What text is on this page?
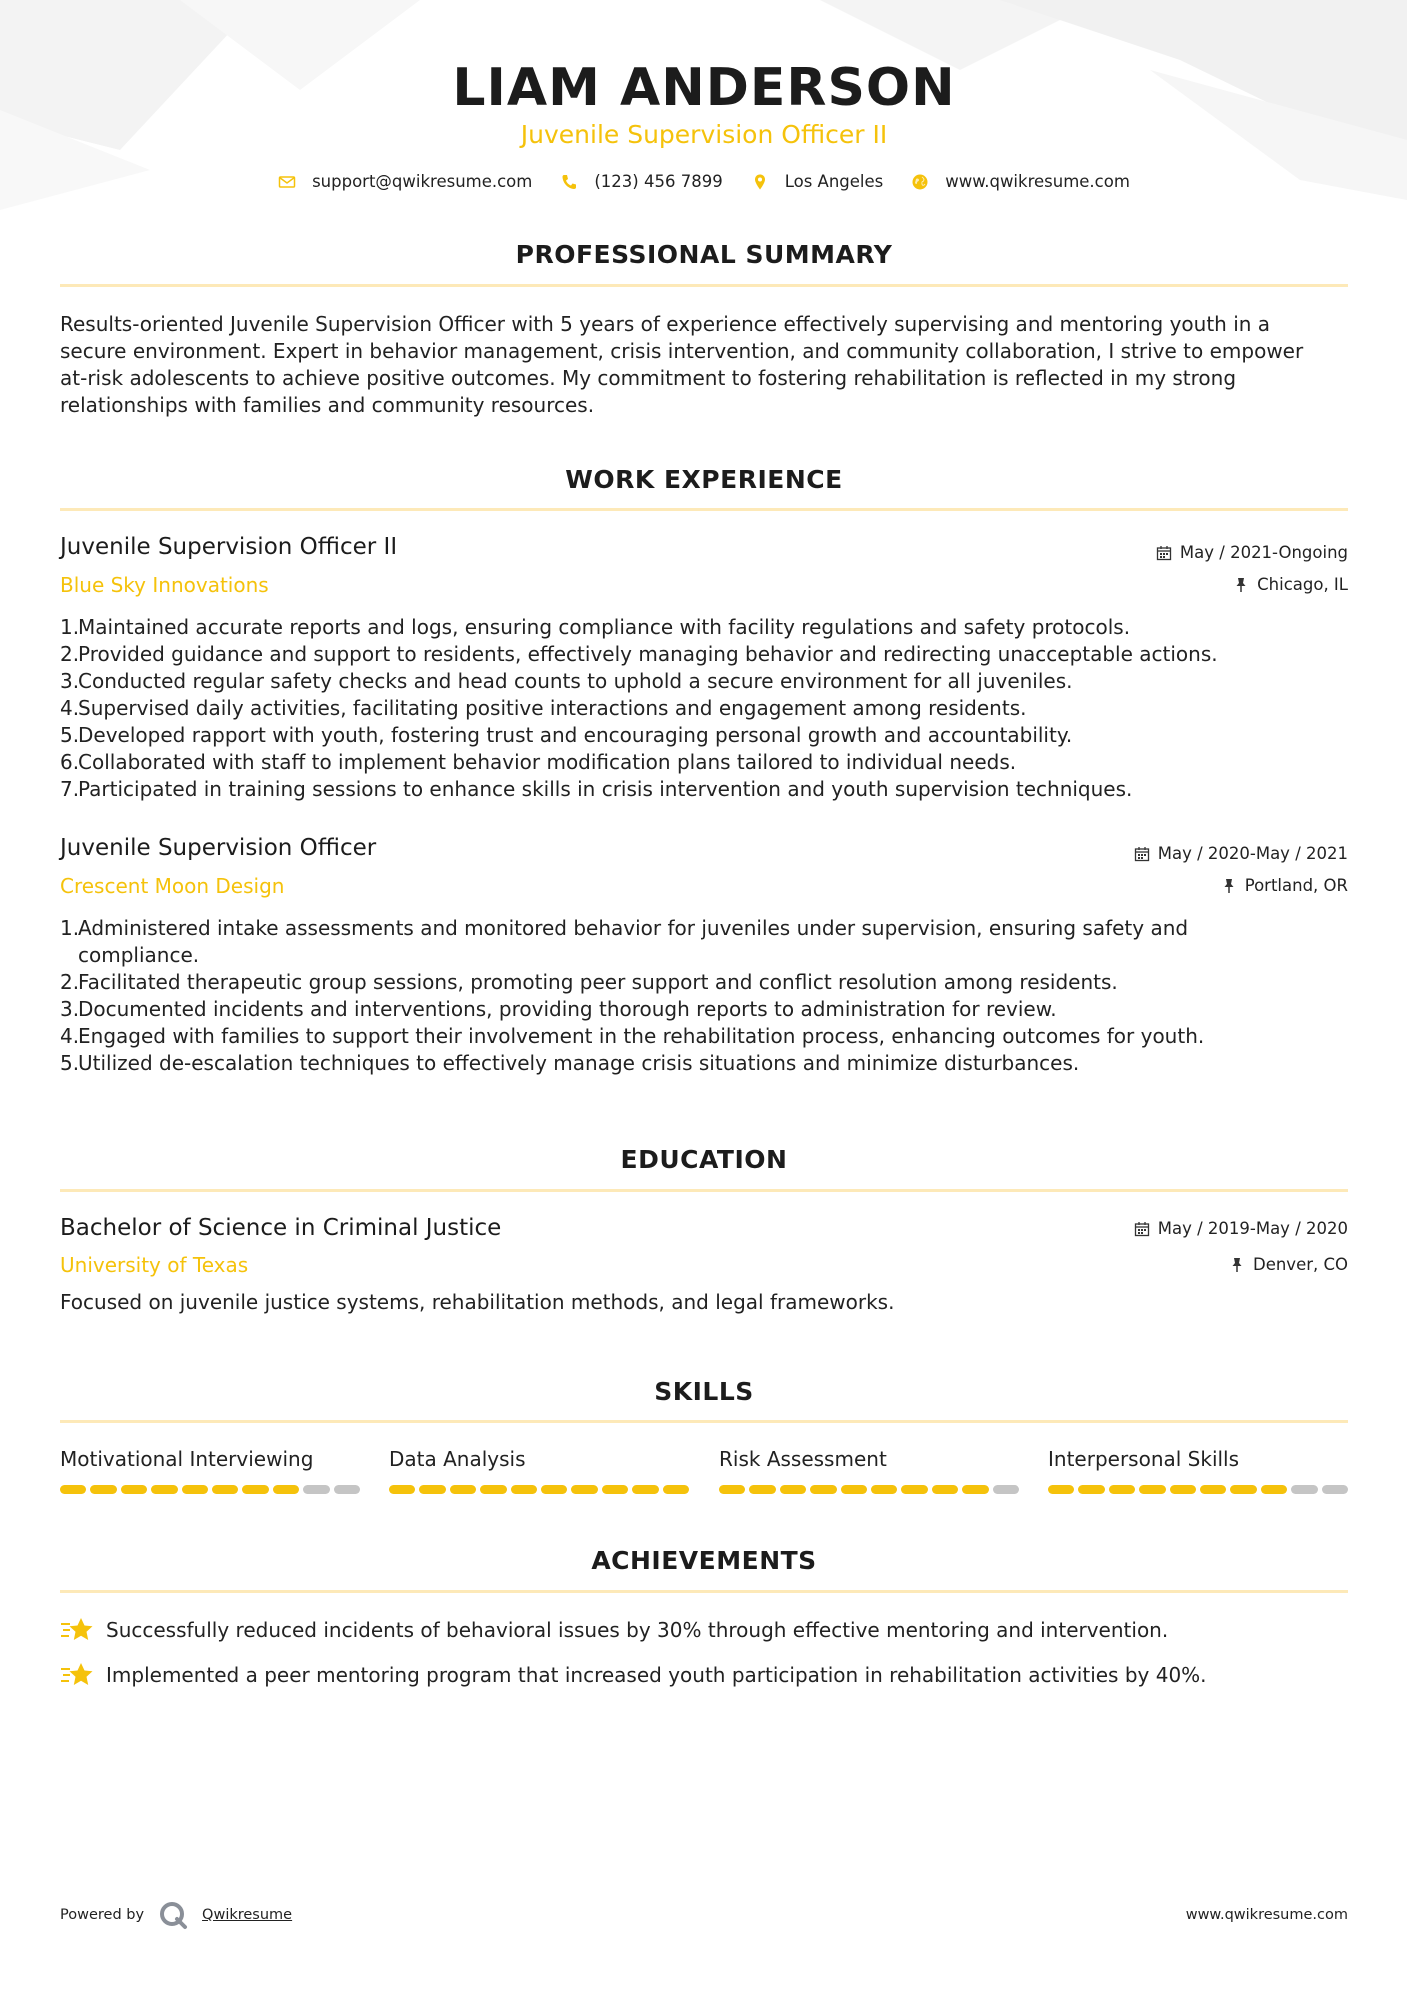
LIAM ANDERSON
Juvenile Supervision Officer II
support@qwikresume.com	(123) 456 7899	Los Angeles	www.qwikresume.com
PROFESSIONAL SUMMARY
Results-oriented Juvenile Supervision Officer with 5 years of experience effectively supervising and mentoring youth in a
secure environment. Expert in behavior management, crisis intervention, and community collaboration, I strive to empower
at-risk adolescents to achieve positive outcomes. My commitment to fostering rehabilitation is reflected in my strong
relationships with families and community resources.
WORK EXPERIENCE
Juvenile Supervision Officer II	May / 2021-Ongoing
Blue Sky Innovations	Chicago, IL
1.
Maintained accurate reports and logs, ensuring compliance with facility regulations and safety protocols.
2.
Provided guidance and support to residents, effectively managing behavior and redirecting unacceptable actions.
3.
Conducted regular safety checks and head counts to uphold a secure environment for all juveniles.
4.
Supervised daily activities, facilitating positive interactions and engagement among residents.
5.
Developed rapport with youth, fostering trust and encouraging personal growth and accountability.
6.
Collaborated with staff to implement behavior modification plans tailored to individual needs.
7.
Participated in training sessions to enhance skills in crisis intervention and youth supervision techniques.
Juvenile Supervision Officer	May / 2020-May / 2021
Crescent Moon Design	Portland, OR
1.
Administered intake assessments and monitored behavior for juveniles under supervision, ensuring safety and compliance.
2.
Facilitated therapeutic group sessions, promoting peer support and conflict resolution among residents.
3.
Documented incidents and interventions, providing thorough reports to administration for review.
4.
Engaged with families to support their involvement in the rehabilitation process, enhancing outcomes for youth.
5.
Utilized de-escalation techniques to effectively manage crisis situations and minimize disturbances.
EDUCATION
Bachelor of Science in Criminal Justice	May / 2019-May / 2020
University of Texas	Denver, CO
Focused on juvenile justice systems, rehabilitation methods, and legal frameworks.
SKILLS
Motivational Interviewing	Data Analysis	Risk Assessment	Interpersonal Skills
ACHIEVEMENTS
Successfully reduced incidents of behavioral issues by 30% through effective mentoring and intervention.
Implemented a peer mentoring program that increased youth participation in rehabilitation activities by 40%.
Powered by	Qwikresume	www.qwikresume.com
